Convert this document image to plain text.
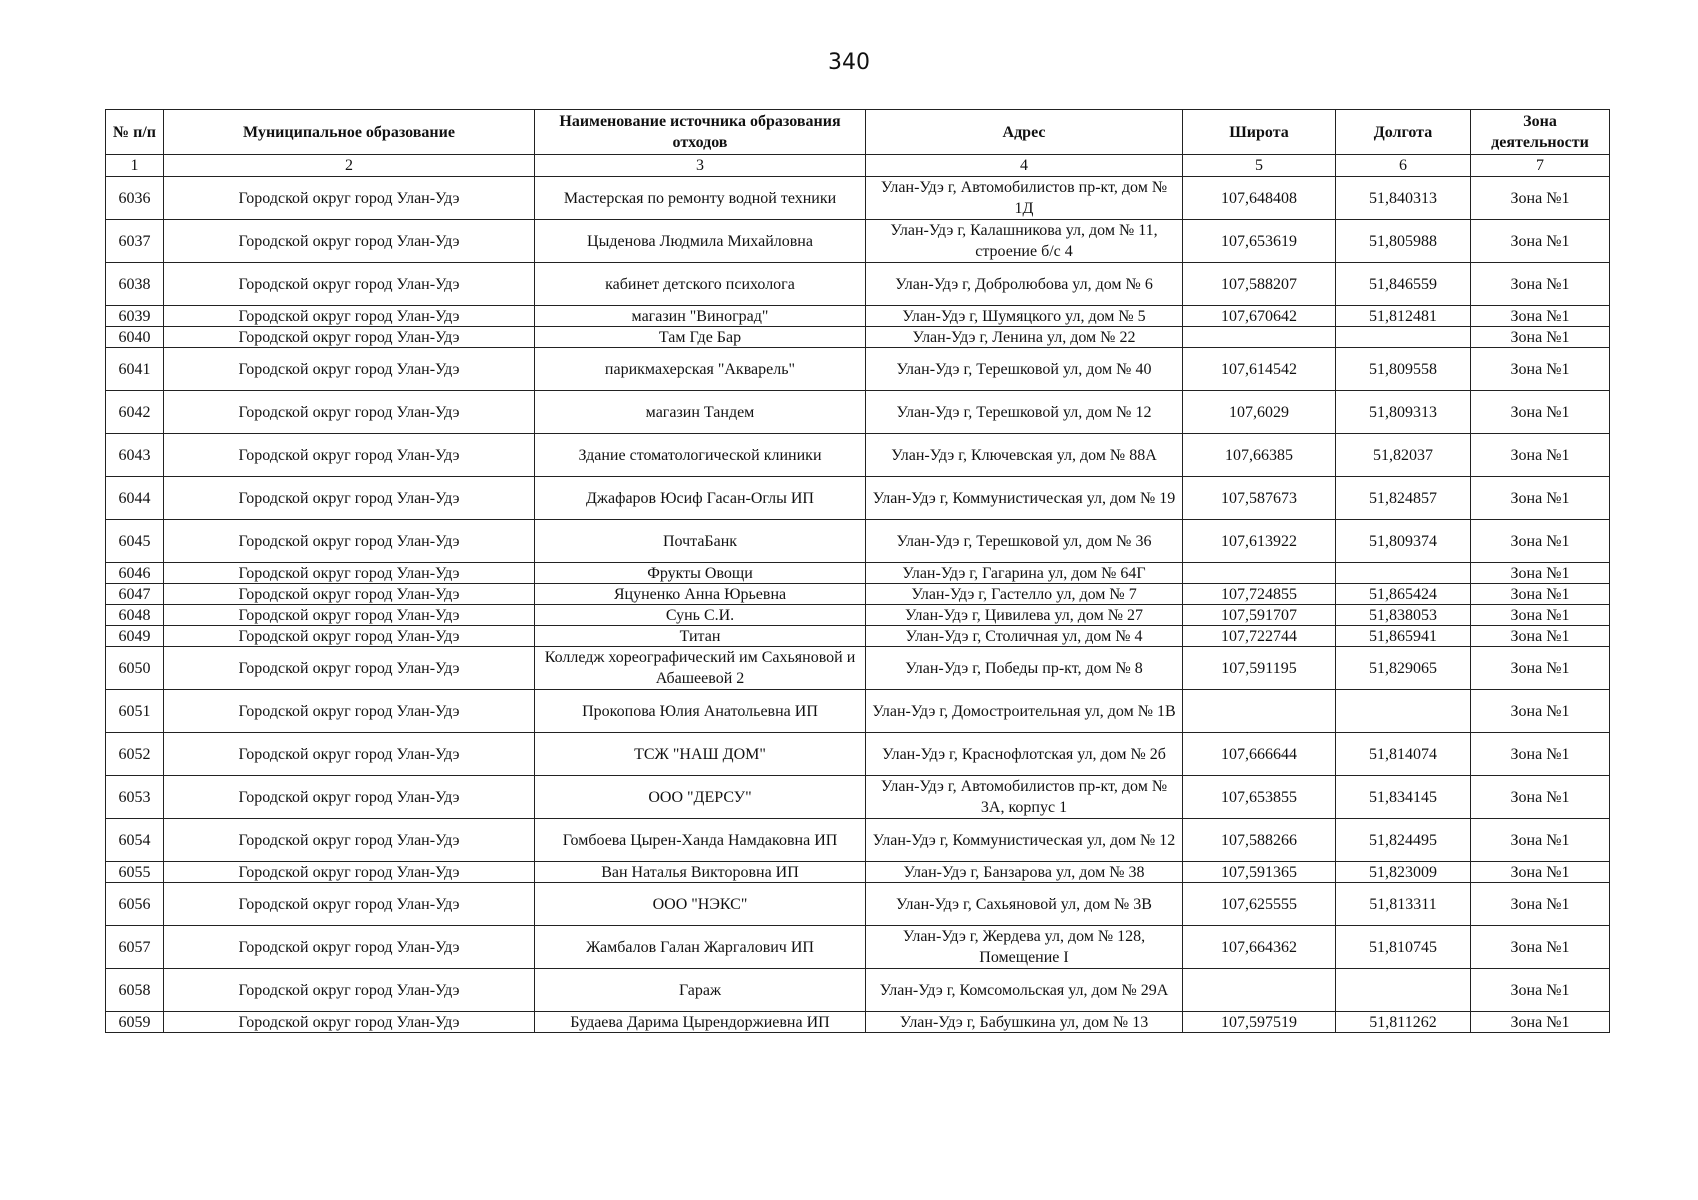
340
№ п/п	Муниципальное образование	Наименование источника образования отходов	Адрес	Широта	Долгота	Зона деятельности
1	2	3	4	5	6	7
6036	Городской округ город Улан-Удэ	Мастерская по ремонту водной техники	Улан-Удэ г, Автомобилистов пр-кт, дом № 1Д	107,648408	51,840313	Зона №1
6037	Городской округ город Улан-Удэ	Цыденова Людмила Михайловна	Улан-Удэ г, Калашникова ул, дом № 11, строение б/с 4	107,653619	51,805988	Зона №1
6038	Городской округ город Улан-Удэ	кабинет детского психолога	Улан-Удэ г, Добролюбова ул, дом № 6	107,588207	51,846559	Зона №1
6039	Городской округ город Улан-Удэ	магазин "Виноград"	Улан-Удэ г, Шумяцкого ул, дом № 5	107,670642	51,812481	Зона №1
6040	Городской округ город Улан-Удэ	Там Где Бар	Улан-Удэ г, Ленина ул, дом № 22			Зона №1
6041	Городской округ город Улан-Удэ	парикмахерская "Акварель"	Улан-Удэ г, Терешковой ул, дом № 40	107,614542	51,809558	Зона №1
6042	Городской округ город Улан-Удэ	магазин Тандем	Улан-Удэ г, Терешковой ул, дом № 12	107,6029	51,809313	Зона №1
6043	Городской округ город Улан-Удэ	Здание стоматологической клиники	Улан-Удэ г, Ключевская ул, дом № 88А	107,66385	51,82037	Зона №1
6044	Городской округ город Улан-Удэ	Джафаров Юсиф Гасан-Оглы ИП	Улан-Удэ г, Коммунистическая ул, дом № 19	107,587673	51,824857	Зона №1
6045	Городской округ город Улан-Удэ	ПочтаБанк	Улан-Удэ г, Терешковой ул, дом № 36	107,613922	51,809374	Зона №1
6046	Городской округ город Улан-Удэ	Фрукты Овощи	Улан-Удэ г, Гагарина ул, дом № 64Г			Зона №1
6047	Городской округ город Улан-Удэ	Яцуненко Анна Юрьевна	Улан-Удэ г, Гастелло ул, дом № 7	107,724855	51,865424	Зона №1
6048	Городской округ город Улан-Удэ	Сунь С.И.	Улан-Удэ г, Цивилева ул, дом № 27	107,591707	51,838053	Зона №1
6049	Городской округ город Улан-Удэ	Титан	Улан-Удэ г, Столичная ул, дом № 4	107,722744	51,865941	Зона №1
6050	Городской округ город Улан-Удэ	Колледж хореографический им Сахьяновой и Абашеевой 2	Улан-Удэ г, Победы пр-кт, дом № 8	107,591195	51,829065	Зона №1
6051	Городской округ город Улан-Удэ	Прокопова Юлия Анатольевна ИП	Улан-Удэ г, Домостроительная ул, дом № 1В			Зона №1
6052	Городской округ город Улан-Удэ	ТСЖ "НАШ ДОМ"	Улан-Удэ г, Краснофлотская ул, дом № 2б	107,666644	51,814074	Зона №1
6053	Городской округ город Улан-Удэ	ООО "ДЕРСУ"	Улан-Удэ г, Автомобилистов пр-кт, дом № 3А, корпус 1	107,653855	51,834145	Зона №1
6054	Городской округ город Улан-Удэ	Гомбоева Цырен-Ханда Намдаковна ИП	Улан-Удэ г, Коммунистическая ул, дом № 12	107,588266	51,824495	Зона №1
6055	Городской округ город Улан-Удэ	Ван Наталья Викторовна ИП	Улан-Удэ г, Банзарова ул, дом № 38	107,591365	51,823009	Зона №1
6056	Городской округ город Улан-Удэ	ООО "НЭКС"	Улан-Удэ г, Сахьяновой ул, дом № 3В	107,625555	51,813311	Зона №1
6057	Городской округ город Улан-Удэ	Жамбалов Галан Жаргалович ИП	Улан-Удэ г, Жердева ул, дом № 128, Помещение I	107,664362	51,810745	Зона №1
6058	Городской округ город Улан-Удэ	Гараж	Улан-Удэ г, Комсомольская ул, дом № 29А			Зона №1
6059	Городской округ город Улан-Удэ	Будаева Дарима Цырендоржиевна ИП	Улан-Удэ г, Бабушкина ул, дом № 13	107,597519	51,811262	Зона №1
